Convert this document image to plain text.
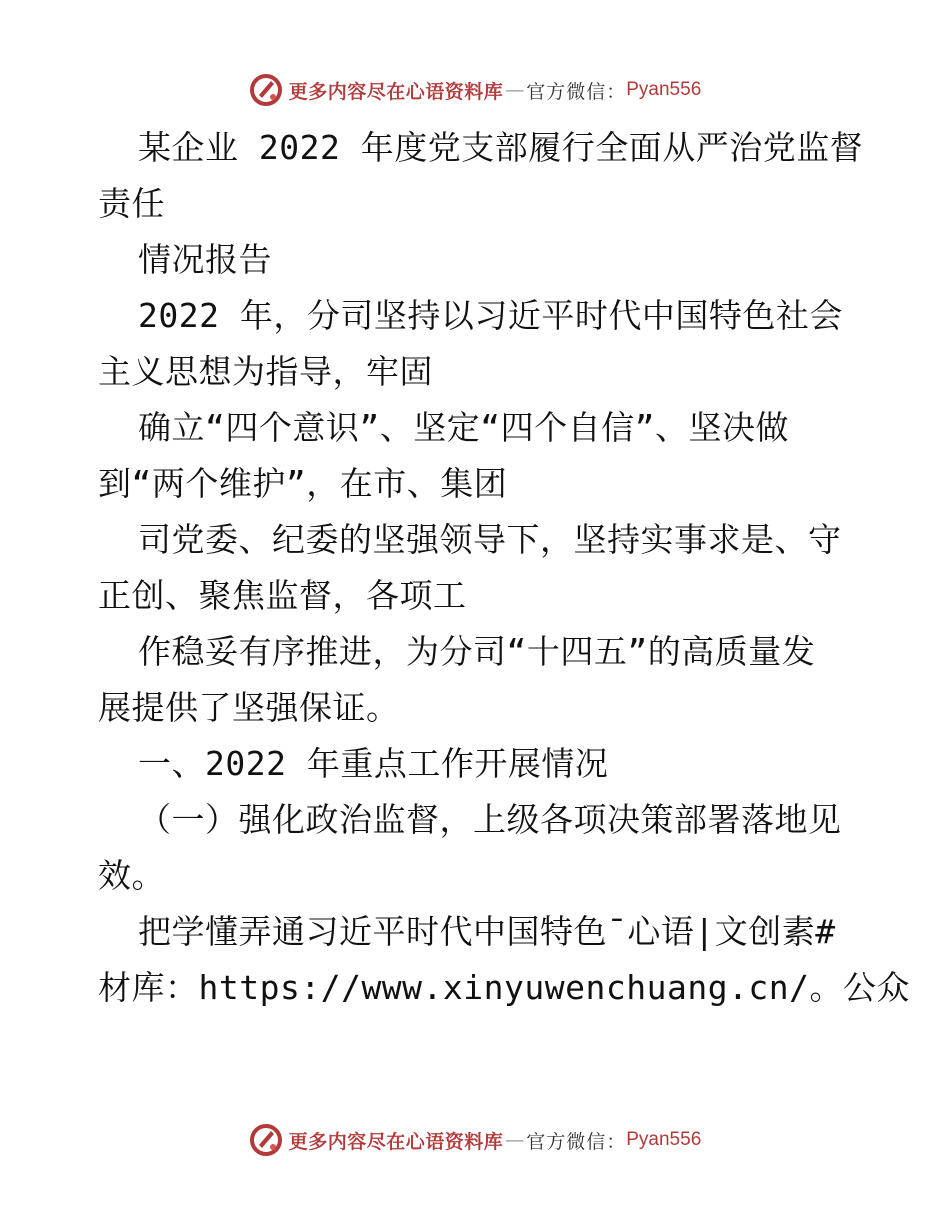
更多内容尽在心语资料库 — 官方微信： Pyan556
某企业 2022 年度党支部履行全面从严治党监督
责任
情况报告
2022 年，分司坚持以习近平时代中国特色社会
主义思想为指导，牢固
确立“四个意识”、坚定“四个自信”、坚决做
到“两个维护”，在市、集团
司党委、纪委的坚强领导下，坚持实事求是、守
正创、聚焦监督，各项工
作稳妥有序推进，为分司“十四五”的高质量发
展提供了坚强保证。
一、2022 年重点工作开展情况
（一）强化政治监督，上级各项决策部署落地见
效。
把学懂弄通习近平时代中国特色¯心语|文创素#
材库：https://www.xinyuwenchuang.cn/。公众
更多内容尽在心语资料库 — 官方微信： Pyan556
